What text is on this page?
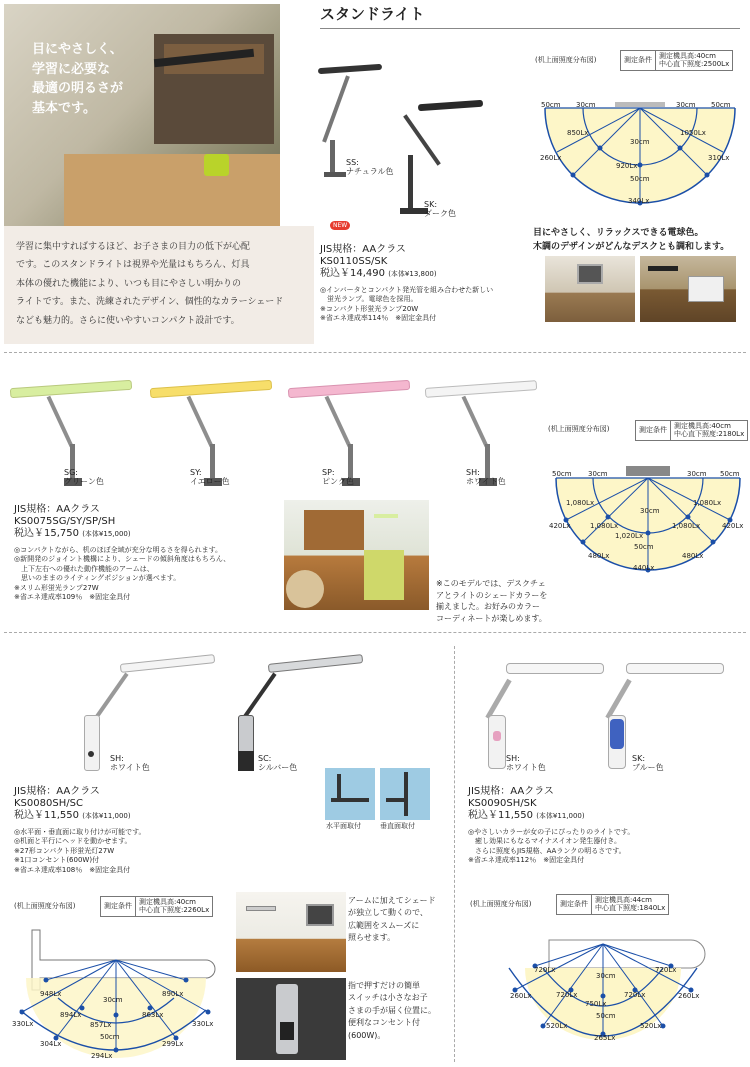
目にやさしく、
学習に必要な
最適の明るさが
基本です。
学習に集中すればするほど、お子さまの目力の低下が心配
です。このスタンドライトは視界や光量はもちろん、灯具
本体の優れた機能により、いつも目にやさしい明かりの
ライトです。また、洗練されたデザイン、個性的なカラーシェード
なども魅力的。さらに使いやすいコンパクト設計です。
スタンドライト
SS:
ナチュラル色
SK:
ダーク色
NEW
JIS規格：AAクラス
KS0110SS/SK
税込￥14,490 (本体¥13,800)
◎インバータとコンパクト発光管を組み合わせた新しい
　蛍光ランプ。電球色を採用。
※コンパクト形蛍光ランプ20W
※省エネ達成率114％　※固定金具付
(机上面照度分布図)	測定条件
測定機具高:40cm
中心直下照度:2500Lx
50cm 30cm	30cm 50cm
850Lx	1050Lx
30cm
260Lx	310Lx
920Lx
50cm
340Lx
目にやさしく、リラックスできる電球色。
木調のデザインがどんなデスクとも調和します。
SG:
グリーン色
SY:
イエロー色
SP:
ピンク色
SH:
ホワイト色
JIS規格：AAクラス
KS0075SG/SY/SP/SH
税込￥15,750 (本体¥15,000)
◎コンパクトながら、机のほぼ全域が充分な明るさを得られます。
◎新開発のジョイント機構により、シェードの傾斜角度はもちろん、
　上下左右への優れた動作機能のアームは、
　思いのままのライティングポジションが選べます。
※スリム形蛍光ランプ27W
※省エネ達成率109％　※固定金具付
※このモデルでは、デスクチェ
アとライトのシェードカラーを
揃えました。お好みのカラー
コーディネートが楽しめます。
(机上面照度分布図)	測定条件
測定機具高:40cm
中心直下照度:2180Lx
50cm 30cm	30cm 50cm
1,080Lx	1,080Lx
30cm
420Lx	1,080Lx	1,080Lx	420Lx
1,020Lx
480Lx
50cm
480Lx
440Lx
SH:
ホワイト色
SC:
シルバー色
水平面取付	垂直面取付
JIS規格：AAクラス
KS0080SH/SC
税込￥11,550 (本体¥11,000)
◎水平面・垂直面に取り付けが可能です。
◎机面と平行にヘッドを動かせます。
※27形コンパクト形蛍光灯27W
※1口コンセント(600W)付
※省エネ達成率108％　※固定金具付
(机上面照度分布図)	測定条件
測定機具高:40cm
中心直下照度:2260Lx
948Lx	890Lx
30cm
894Lx	863Lx
330Lx	857Lx	330Lx
50cm
304Lx	299Lx
294Lx
アームに加えてシェード
が独立して動くので、
広範囲をスムーズに
照らせます。
指で押すだけの簡単
スイッチは小さなお子
さまの手が届く位置に。
便利なコンセント付
(600W)。
SH:
ホワイト色
SK:
ブルー色
JIS規格：AAクラス
KS0090SH/SK
税込￥11,550 (本体¥11,000)
◎やさしいカラーが女の子にぴったりのライトです。
　癒し効果にもなるマイナスイオン発生器付き。
　さらに照度もJIS規格、AAランクの明るさです。
※省エネ達成率112％　※固定金具付
(机上面照度分布図)	測定条件
測定機具高:44cm
中心直下照度:1840Lx
720Lx
30cm
720Lx
260Lx	720Lx	720Lx	260Lx
750Lx
50cm
520Lx	520Lx
265Lx
